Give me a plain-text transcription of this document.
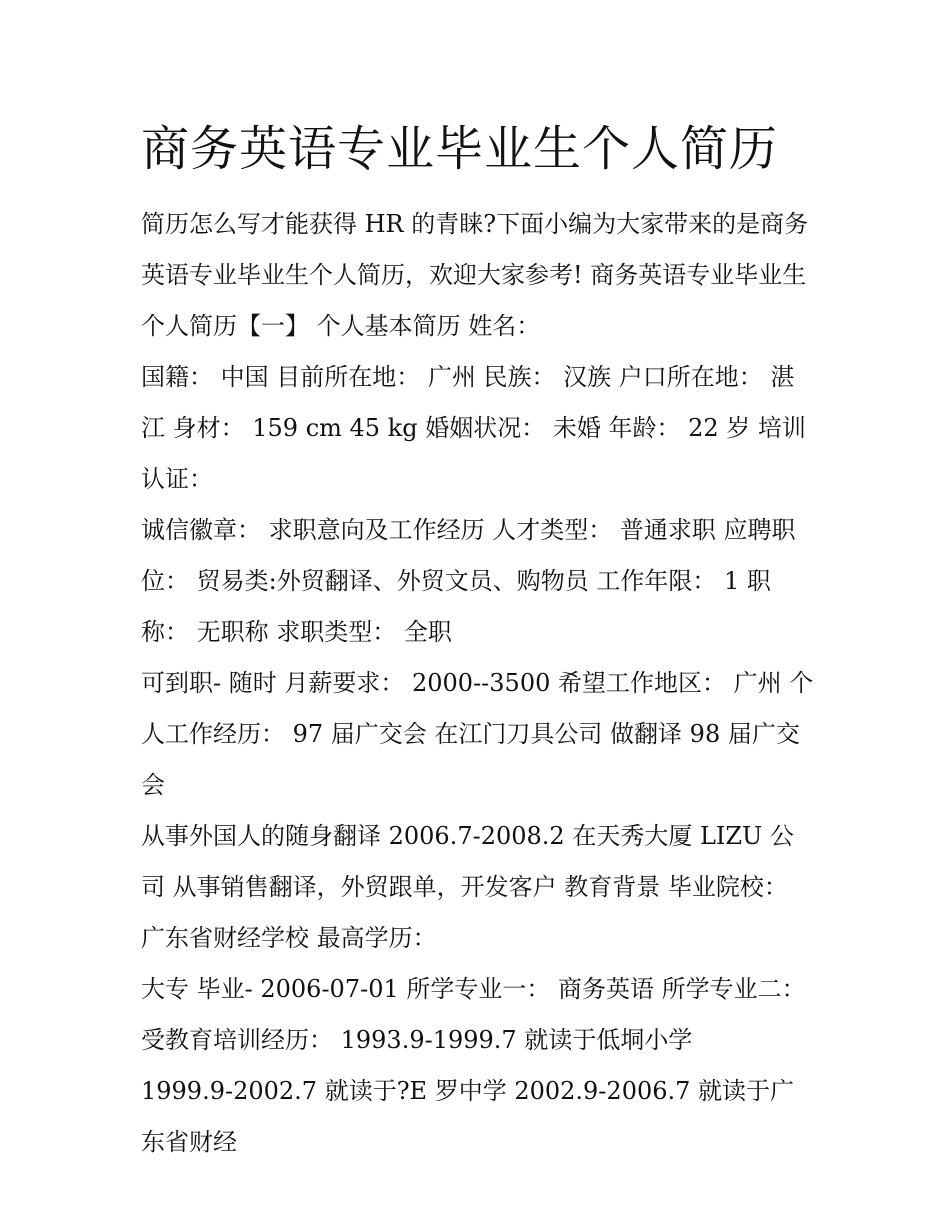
商务英语专业毕业生个人简历

简历怎么写才能获得 HR 的青睐?下面小编为大家带来的是商务英语专业毕业生个人简历，欢迎大家参考! 商务英语专业毕业生个人简历【一】 个人基本简历 姓名：

国籍： 中国 目前所在地： 广州 民族： 汉族 户口所在地： 湛江 身材： 159 cm 45 kg 婚姻状况： 未婚 年龄： 22 岁 培训认证：

诚信徽章： 求职意向及工作经历 人才类型： 普通求职 应聘职位： 贸易类:外贸翻译、外贸文员、购物员 工作年限： 1 职称： 无职称 求职类型： 全职

可到职- 随时 月薪要求： 2000--3500 希望工作地区： 广州 个人工作经历： 97 届广交会 在江门刀具公司 做翻译 98 届广交会

从事外国人的随身翻译 2006.7-2008.2 在天秀大厦 LIZU 公司 从事销售翻译，外贸跟单，开发客户 教育背景 毕业院校： 广东省财经学校 最高学历：

大专 毕业- 2006-07-01 所学专业一： 商务英语 所学专业二：

受教育培训经历： 1993.9-1999.7 就读于低垌小学

1999.9-2002.7 就读于?E 罗中学 2002.9-2006.7 就读于广东省财经
